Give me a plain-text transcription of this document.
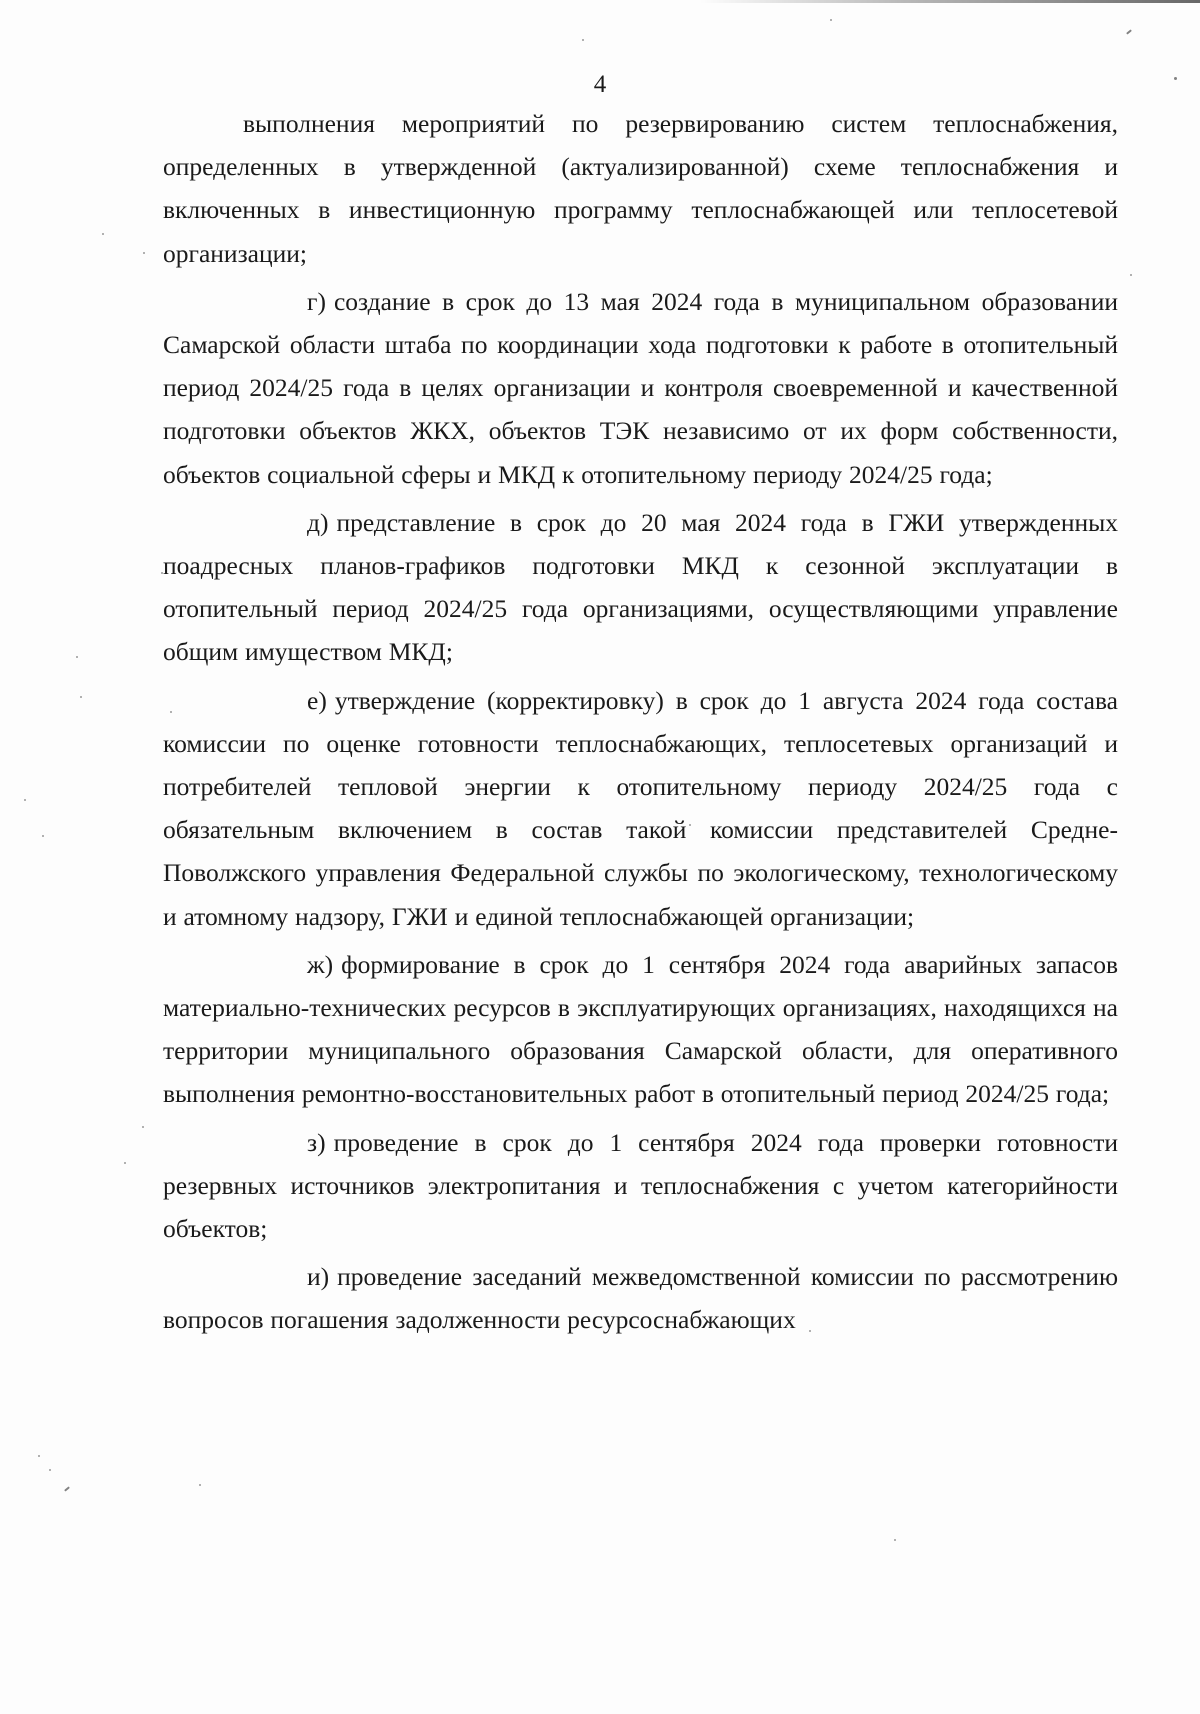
4

выполнения мероприятий по резервированию систем теплоснабжения, определенных в утвержденной (актуализированной) схеме теплоснабжения и включенных в инвестиционную программу теплоснабжающей или теплосетевой организации;

г) создание в срок до 13 мая 2024 года в муниципальном образовании Самарской области штаба по координации хода подготовки к работе в отопительный период 2024/25 года в целях организации и контроля своевременной и качественной подготовки объектов ЖКХ, объектов ТЭК независимо от их форм собственности, объектов социальной сферы и МКД к отопительному периоду 2024/25 года;

д) представление в срок до 20 мая 2024 года в ГЖИ утвержденных поадресных планов-графиков подготовки МКД к сезонной эксплуатации в отопительный период 2024/25 года организациями, осуществляющими управление общим имуществом МКД;

е) утверждение (корректировку) в срок до 1 августа 2024 года состава комиссии по оценке готовности теплоснабжающих, теплосетевых организаций и потребителей тепловой энергии к отопительному периоду 2024/25 года с обязательным включением в состав такой комиссии представителей Средне-Поволжского управления Федеральной службы по экологическому, технологическому и атомному надзору, ГЖИ и единой теплоснабжающей организации;

ж) формирование в срок до 1 сентября 2024 года аварийных запасов материально-технических ресурсов в эксплуатирующих организациях, находящихся на территории муниципального образования Самарской области, для оперативного выполнения ремонтно-восстановительных работ в отопительный период 2024/25 года;

з) проведение в срок до 1 сентября 2024 года проверки готовности резервных источников электропитания и теплоснабжения с учетом категорийности объектов;

и) проведение заседаний межведомственной комиссии по рассмотрению вопросов погашения задолженности ресурсоснабжающих
